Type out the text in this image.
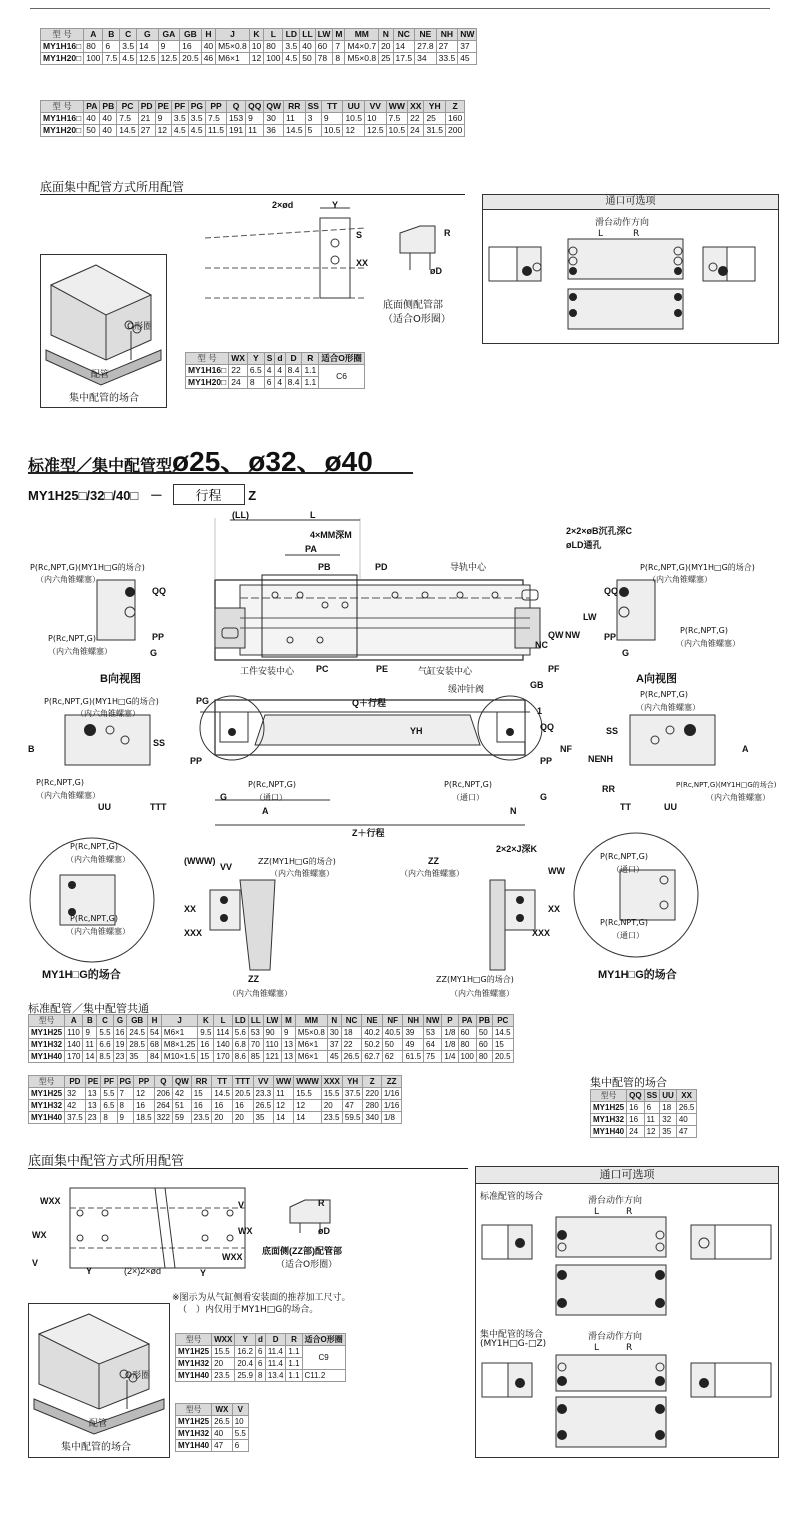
型 号	A	B	C	G	GA	GB	H	J	K	L	LD	LL	LW	M	MM	N	NC	NE	NH	NW
MY1H16□	80	6	3.5	14	9	16	40	M5×0.8	10	80	3.5	40	60	7	M4×0.7	20	14	27.8	27	37
MY1H20□	100	7.5	4.5	12.5	12.5	20.5	46	M6×1	12	100	4.5	50	78	8	M5×0.8	25	17.5	34	33.5	45
型 号	PA	PB	PC	PD	PE	PF	PG	PP	Q	QQ	QW	RR	SS	TT	UU	VV	WW	XX	YH	Z
MY1H16□	40	40	7.5	21	9	3.5	3.5	7.5	153	9	30	11	3	9	10.5	10	7.5	22	25	160
MY1H20□	50	40	14.5	27	12	4.5	4.5	11.5	191	11	36	14.5	5	10.5	12	12.5	10.5	24	31.5	200
底面集中配管方式所用配管
O形圈
配管
集中配管的场合
2×ød	Y
S
XX
R
øD
底面侧配管部
（适合O形圈）
型 号	WX	Y	S	d	D	R	适合O形圈
MY1H16□	22	6.5	4	4	8.4	1.1	C6
MY1H20□	24	8	6	4	8.4	1.1	
通口可选项
滑台动作方向
L	R
标准型／集中配管型ø25、ø32、ø40
MY1H25□/32□/40□ －	行程 Z
(LL)	L
4×MM深M
PA
PB	PD
2×2×øB沉孔深C
øLD通孔
导轨中心
工件安装中心	气缸安装中心
缓冲针阀
PC	PE
NC
QW NW
LW
PF
GB
P(Rc,NPT,G)(MY1H□G的场合)
（内六角锥螺塞）
P(Rc,NPT,G)
（内六角锥螺塞）
QQ
PP
G
B向视图
P(Rc,NPT,G)(MY1H□G的场合)
（内六角锥螺塞）
P(Rc,NPT,G)
（内六角锥螺塞）
QQ
PP
G
A向视图
PG	Q＋行程
1
YH	QQ
PP	PP
G	G
P(Rc,NPT,G)
（通口）
P(Rc,NPT,G)
（通口）
A	N
Z＋行程
B	A
P(Rc,NPT,G)(MY1H□G的场合)
（内六角锥螺塞）
P(Rc,NPT,G)
（内六角锥螺塞）
SS
UU	TTT
P(Rc,NPT,G)
（内六角锥螺塞）
P(Rc,NPT,G)(MY1H□G的场合)
（内六角锥螺塞）
SS
NH
NE
NF
RR
TT	UU
P(Rc,NPT,G)
（内六角锥螺塞）
P(Rc,NPT,G)
（内六角锥螺塞）
MY1H□G的场合
P(Rc,NPT,G)
（通口）
P(Rc,NPT,G)
（通口）
MY1H□G的场合
ZZ(MY1H□G的场合)
（内六角锥螺塞）
(WWW)
VV
XX
XXX
ZZ
（内六角锥螺塞）
ZZ
（内六角锥螺塞）
2×2×J深K
WW
XX
XXX
ZZ(MY1H□G的场合)
（内六角锥螺塞）
标准配管／集中配管共通
型号	A	B	C	G	GB	H	J	K	L	LD	LL	LW	M	MM	N	NC	NE	NF	NH	NW	P	PA	PB	PC
MY1H25	110	9	5.5	16	24.5	54	M6×1	9.5	114	5.6	53	90	9	M5×0.8	30	18	40.2	40.5	39	53	1/8	60	50	14.5
MY1H32	140	11	6.6	19	28.5	68	M8×1.25	16	140	6.8	70	110	13	M6×1	37	22	50.2	50	49	64	1/8	80	60	15
MY1H40	170	14	8.5	23	35	84	M10×1.5	15	170	8.6	85	121	13	M6×1	45	26.5	62.7	62	61.5	75	1/4	100	80	20.5
型号	PD	PE	PF	PG	PP	Q	QW	RR	TT	TTT	VV	WW	WWW	XXX	YH	Z	ZZ
MY1H25	32	13	5.5	7	12	206	42	15	14.5	20.5	23.3	11	15.5	15.5	37.5	220	1/16
MY1H32	42	13	6.5	8	16	264	51	16	16	16	26.5	12	12	20	47	280	1/16
MY1H40	37.5	23	8	9	18.5	322	59	23.5	20	20	35	14	14	23.5	59.5	340	1/8
集中配管的场合
型号	QQ	SS	UU	XX
MY1H25	16	6	18	26.5
MY1H32	16	11	32	40
MY1H40	24	12	35	47
底面集中配管方式所用配管
WXX
WX
V
Y	(2×)2×ød
V
WX
WXX
Y
R
øD
底面侧(ZZ部)配管部
（适合O形圈）
※图示为从气缸侧看安装面的推荐加工尺寸。
（　）内仅用于MY1H□G的场合。
O形圈
配管
集中配管的场合
型号	WXX	Y	d	D	R	适合O形圈
MY1H25	15.5	16.2	6	11.4	1.1	C9
MY1H32	20	20.4	6	11.4	1.1	
MY1H40	23.5	25.9	8	13.4	1.1	C11.2
型号	WX	V
MY1H25	26.5	10
MY1H32	40	5.5
MY1H40	47	6
通口可选项
标准配管的场合	滑台动作方向
L	R
集中配管的场合
(MY1H□G-□Z)
滑台动作方向
L	R
